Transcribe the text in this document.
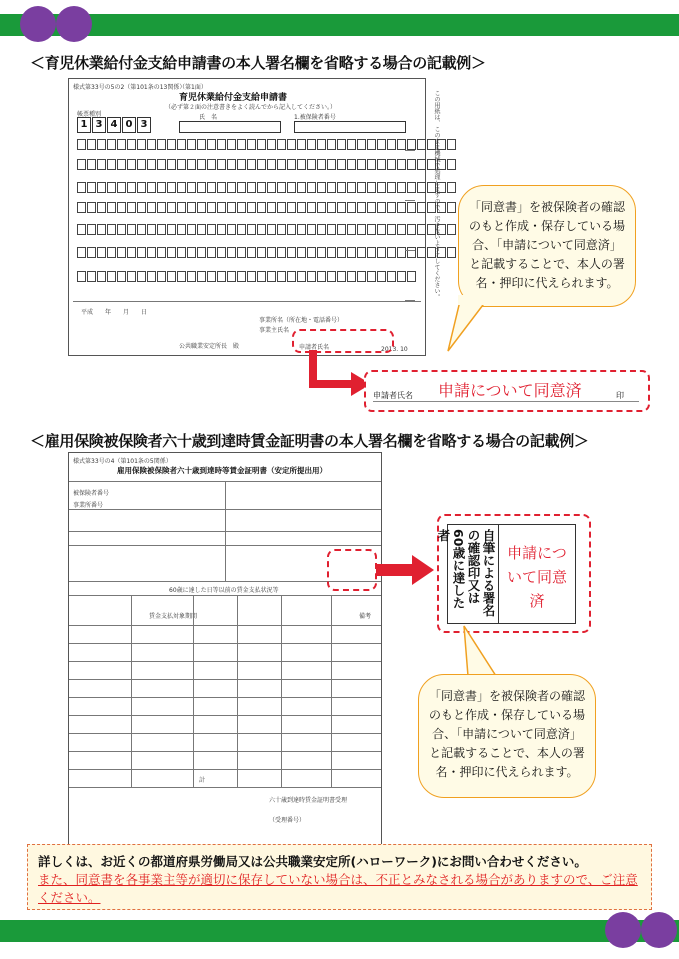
＜育児休業給付金支給申請書の本人署名欄を省略する場合の記載例＞
様式第33号の5の2（第101条の13関係）
（第1面）
育児休業給付金支給申請書
（必ず第２面の注意書きをよく読んでから記入してください。）
帳票種別
1 3 4 0 3
氏　名	1.被保険者番号
平成　　年　　月　　日
事業所名（所在地・電話番号）
事業主氏名
公共職業安定所長　殿	申請者氏名	2013. 10
この用紙は、このまま機械で処理しますので、汚さないようにしてください。	「同意書」を被保険者の確認のもと作成・保存している場合、「申請について同意済」と記載することで、本人の署名・押印に代えられます。
申請者氏名 申請について同意済	印
＜雇用保険被保険者六十歳到達時賃金証明書の本人署名欄を省略する場合の記載例＞
様式第33号の4（第101条の5関係）
雇用保険被保険者六十歳到達時等賃金証明書（安定所提出用）
被保険者番号
事業所番号
60歳に達した日等以前の賃金支払状況等
賃金支払対象期間	備考
計
六十歳到達時賃金証明書受理
（受理番号）
自筆による署名の確認印又は60歳に達した者
申請について同意済
「同意書」を被保険者の確認のもと作成・保存している場合、「申請について同意済」と記載することで、本人の署名・押印に代えられます。

詳しくは、お近くの都道府県労働局又は公共職業安定所(ハローワーク)にお問い合わせください。

また、同意書を各事業主等が適切に保存していない場合は、不正とみなされる場合がありますので、ご注意ください。
